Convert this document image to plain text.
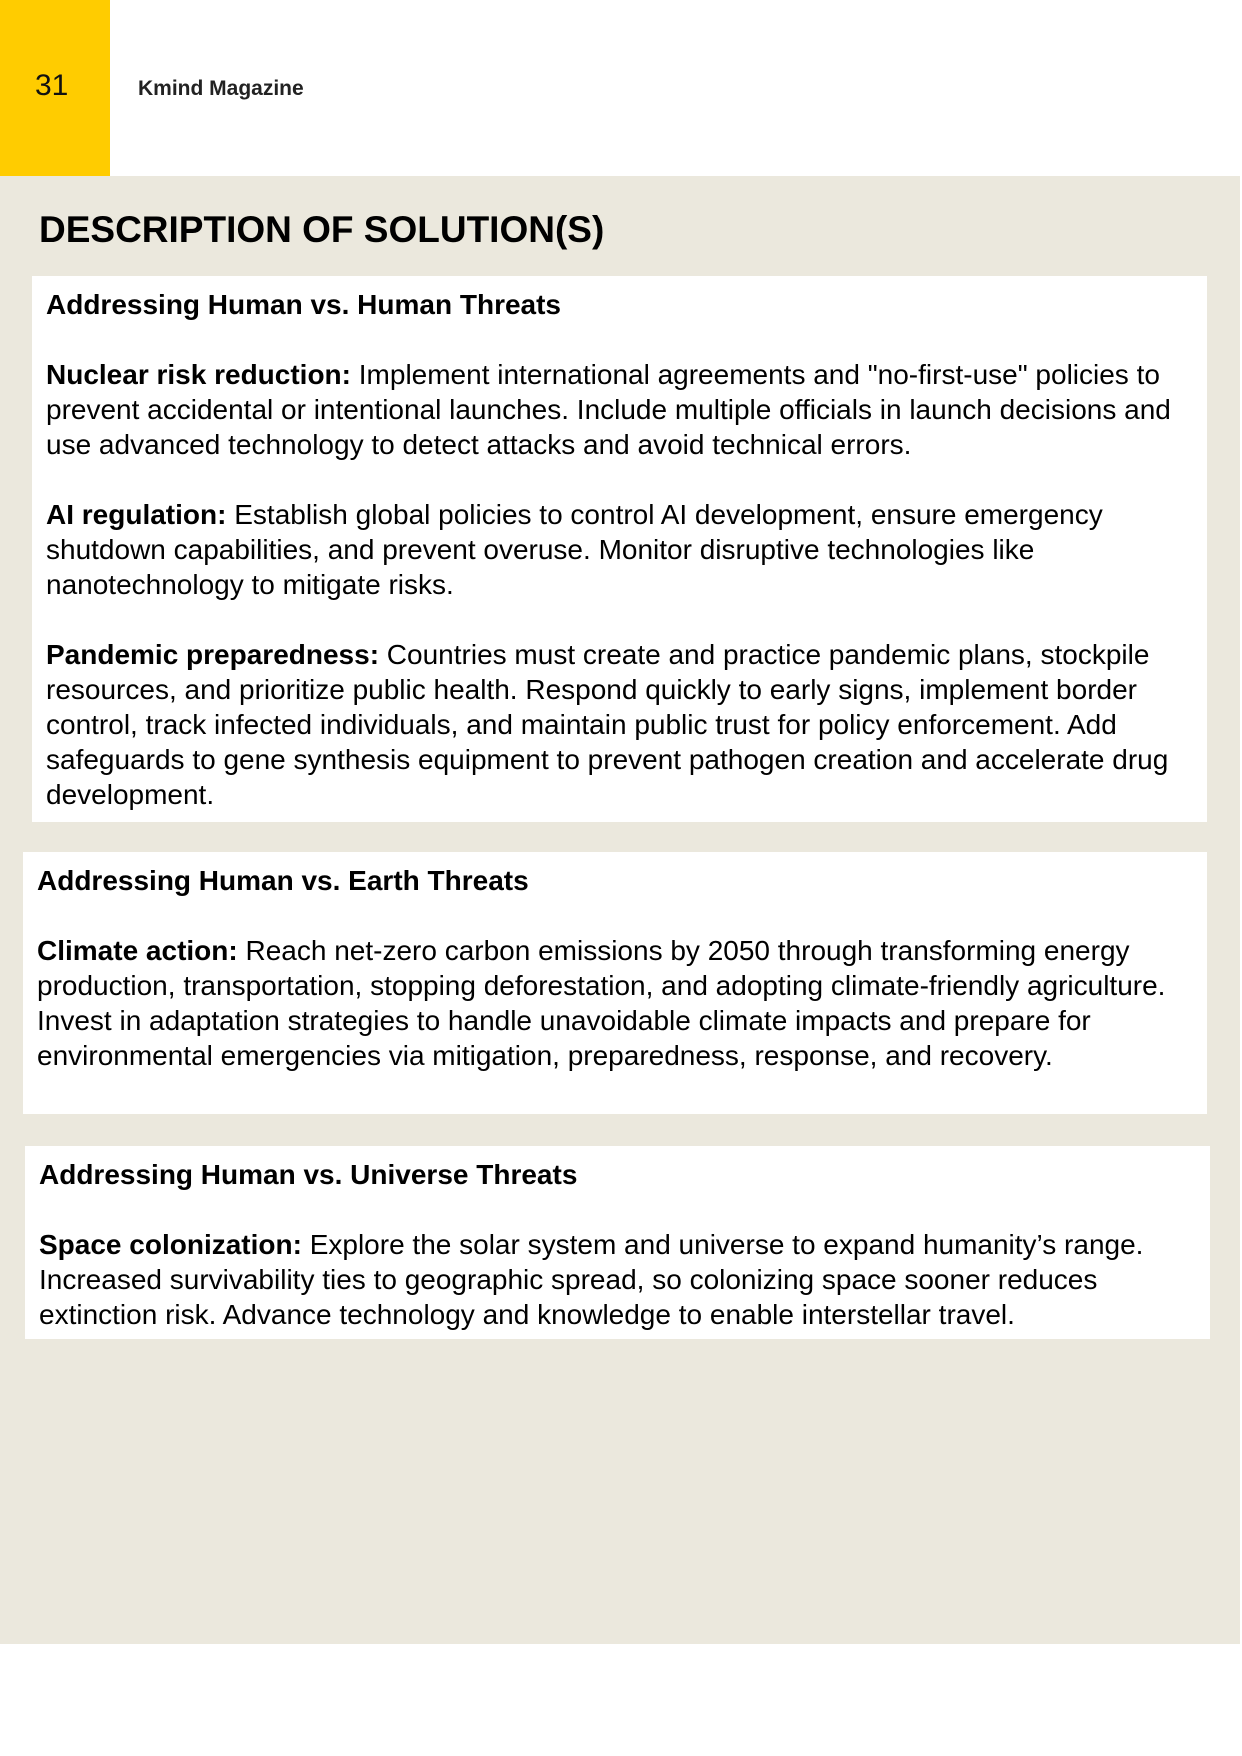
31	Kmind Magazine
DESCRIPTION OF SOLUTION(S)
Addressing Human vs. Human Threats

Nuclear risk reduction: Implement international agreements and "no-first-use" policies to prevent accidental or intentional launches. Include multiple officials in launch decisions and use advanced technology to detect attacks and avoid technical errors.

AI regulation: Establish global policies to control AI development, ensure emergency shutdown capabilities, and prevent overuse. Monitor disruptive technologies like nanotechnology to mitigate risks.

Pandemic preparedness: Countries must create and practice pandemic plans, stockpile resources, and prioritize public health. Respond quickly to early signs, implement border control, track infected individuals, and maintain public trust for policy enforcement. Add safeguards to gene synthesis equipment to prevent pathogen creation and accelerate drug development.

Addressing Human vs. Earth Threats

Climate action: Reach net-zero carbon emissions by 2050 through transforming energy production, transportation, stopping deforestation, and adopting climate-friendly agriculture. Invest in adaptation strategies to handle unavoidable climate impacts and prepare for environmental emergencies via mitigation, preparedness, response, and recovery.

Addressing Human vs. Universe Threats

Space colonization: Explore the solar system and universe to expand humanity’s range. Increased survivability ties to geographic spread, so colonizing space sooner reduces extinction risk. Advance technology and knowledge to enable interstellar travel.
